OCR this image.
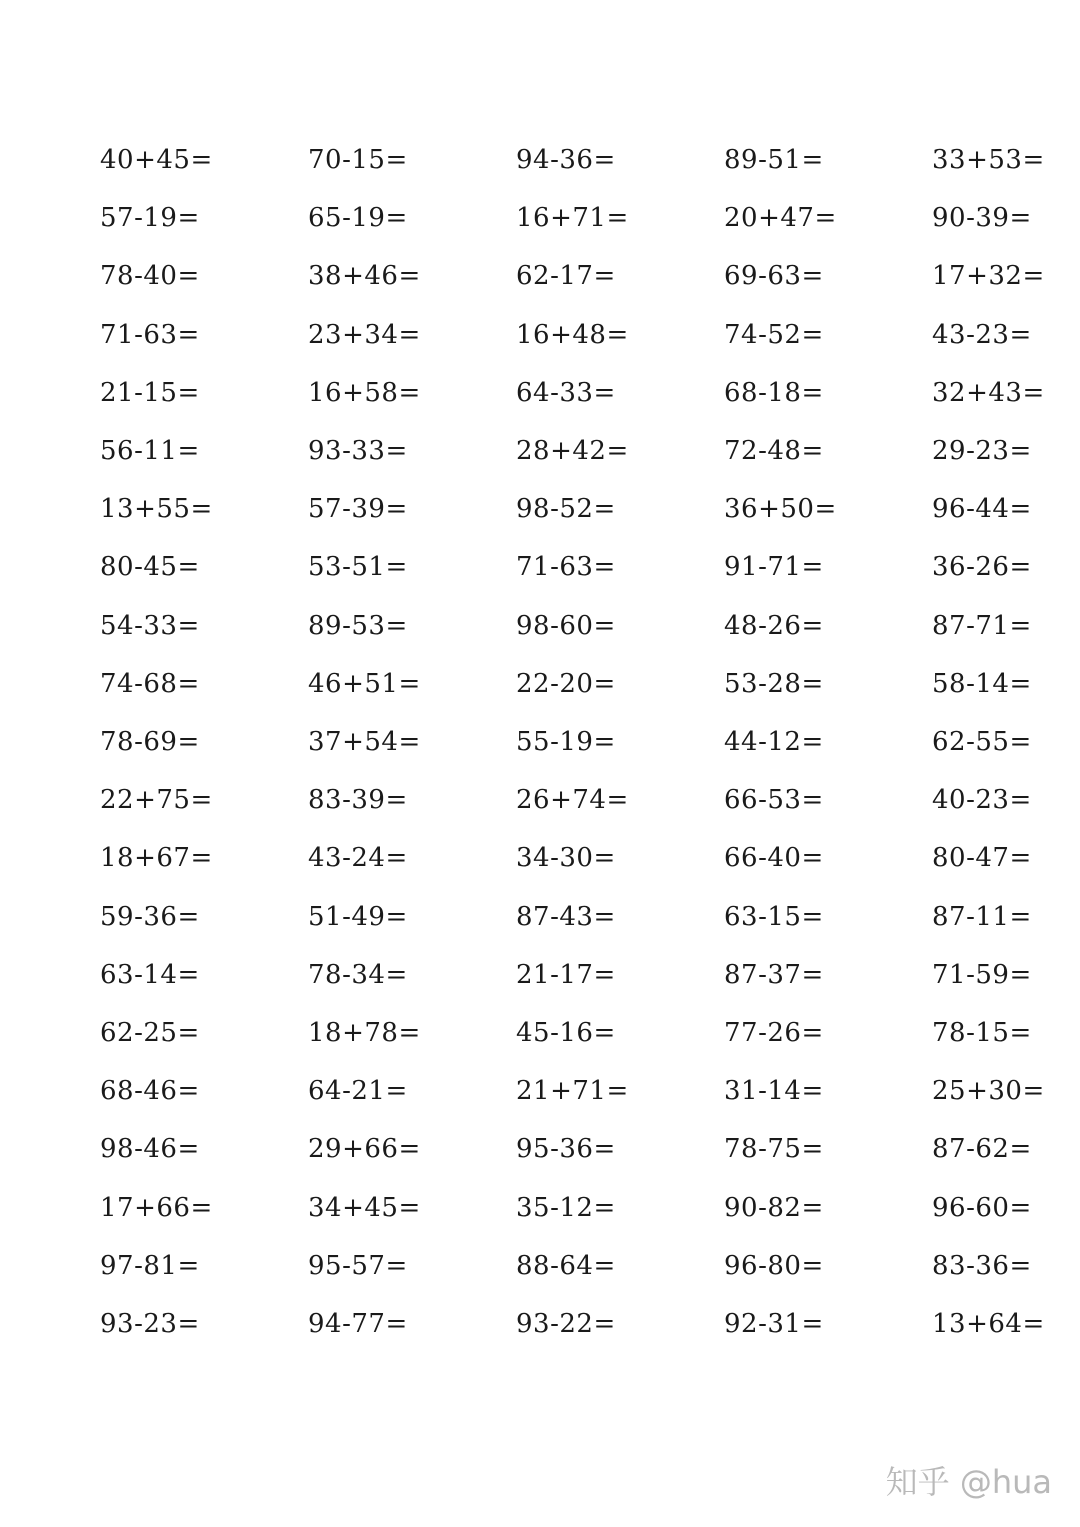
40+45=	70-15=	94-36=	89-51=	33+53=
57-19=	65-19=	16+71=	20+47=	90-39=
78-40=	38+46=	62-17=	69-63=	17+32=
71-63=	23+34=	16+48=	74-52=	43-23=
21-15=	16+58=	64-33=	68-18=	32+43=
56-11=	93-33=	28+42=	72-48=	29-23=
13+55=	57-39=	98-52=	36+50=	96-44=
80-45=	53-51=	71-63=	91-71=	36-26=
54-33=	89-53=	98-60=	48-26=	87-71=
74-68=	46+51=	22-20=	53-28=	58-14=
78-69=	37+54=	55-19=	44-12=	62-55=
22+75=	83-39=	26+74=	66-53=	40-23=
18+67=	43-24=	34-30=	66-40=	80-47=
59-36=	51-49=	87-43=	63-15=	87-11=
63-14=	78-34=	21-17=	87-37=	71-59=
62-25=	18+78=	45-16=	77-26=	78-15=
68-46=	64-21=	21+71=	31-14=	25+30=
98-46=	29+66=	95-36=	78-75=	87-62=
17+66=	34+45=	35-12=	90-82=	96-60=
97-81=	95-57=	88-64=	96-80=	83-36=
93-23=	94-77=	93-22=	92-31=	13+64=
知乎 @hua
